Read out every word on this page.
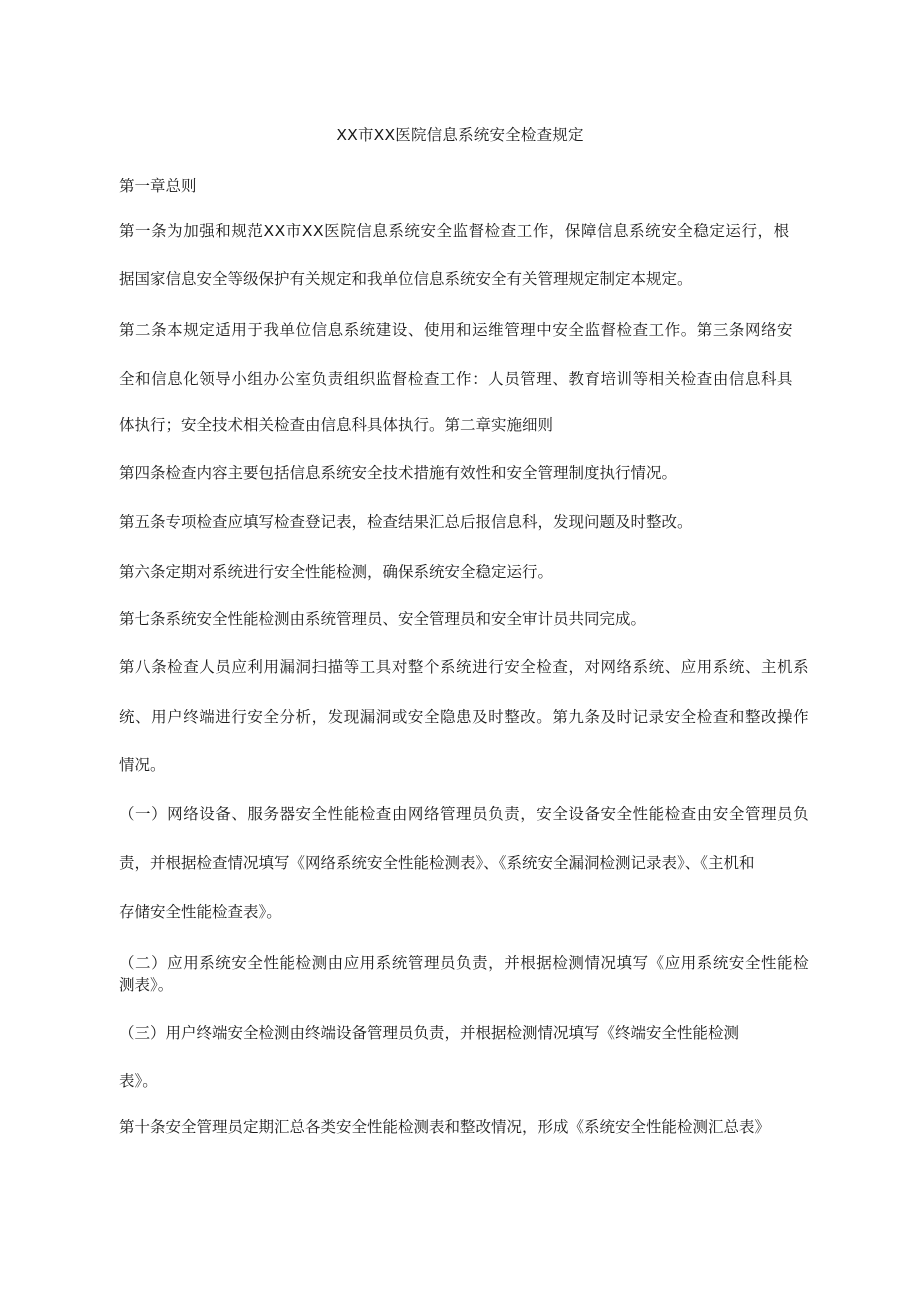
XX市XX医院信息系统安全检查规定
第一章总则
第一条为加强和规范XX市XX医院信息系统安全监督检查工作，保障信息系统安全稳定运行，根
据国家信息安全等级保护有关规定和我单位信息系统安全有关管理规定制定本规定。
第二条本规定适用于我单位信息系统建设、使用和运维管理中安全监督检查工作。第三条网络安
全和信息化领导小组办公室负责组织监督检查工作：人员管理、教育培训等相关检查由信息科具
体执行；安全技术相关检查由信息科具体执行。第二章实施细则
第四条检查内容主要包括信息系统安全技术措施有效性和安全管理制度执行情况。
第五条专项检查应填写检查登记表，检查结果汇总后报信息科，发现问题及时整改。
第六条定期对系统进行安全性能检测，确保系统安全稳定运行。
第七条系统安全性能检测由系统管理员、安全管理员和安全审计员共同完成。
第八条检查人员应利用漏洞扫描等工具对整个系统进行安全检查，对网络系统、应用系统、主机系
统、用户终端进行安全分析，发现漏洞或安全隐患及时整改。第九条及时记录安全检查和整改操作
情况。
（一）网络设备、服务器安全性能检查由网络管理员负责，安全设备安全性能检查由安全管理员负
责，并根据检查情况填写《网络系统安全性能检测表》、《系统安全漏洞检测记录表》、《主机和
存储安全性能检查表》。
（二）应用系统安全性能检测由应用系统管理员负责，并根据检测情况填写《应用系统安全性能检
测表》。
（三）用户终端安全检测由终端设备管理员负责，并根据检测情况填写《终端安全性能检测
表》。
第十条安全管理员定期汇总各类安全性能检测表和整改情况，形成《系统安全性能检测汇总表》
